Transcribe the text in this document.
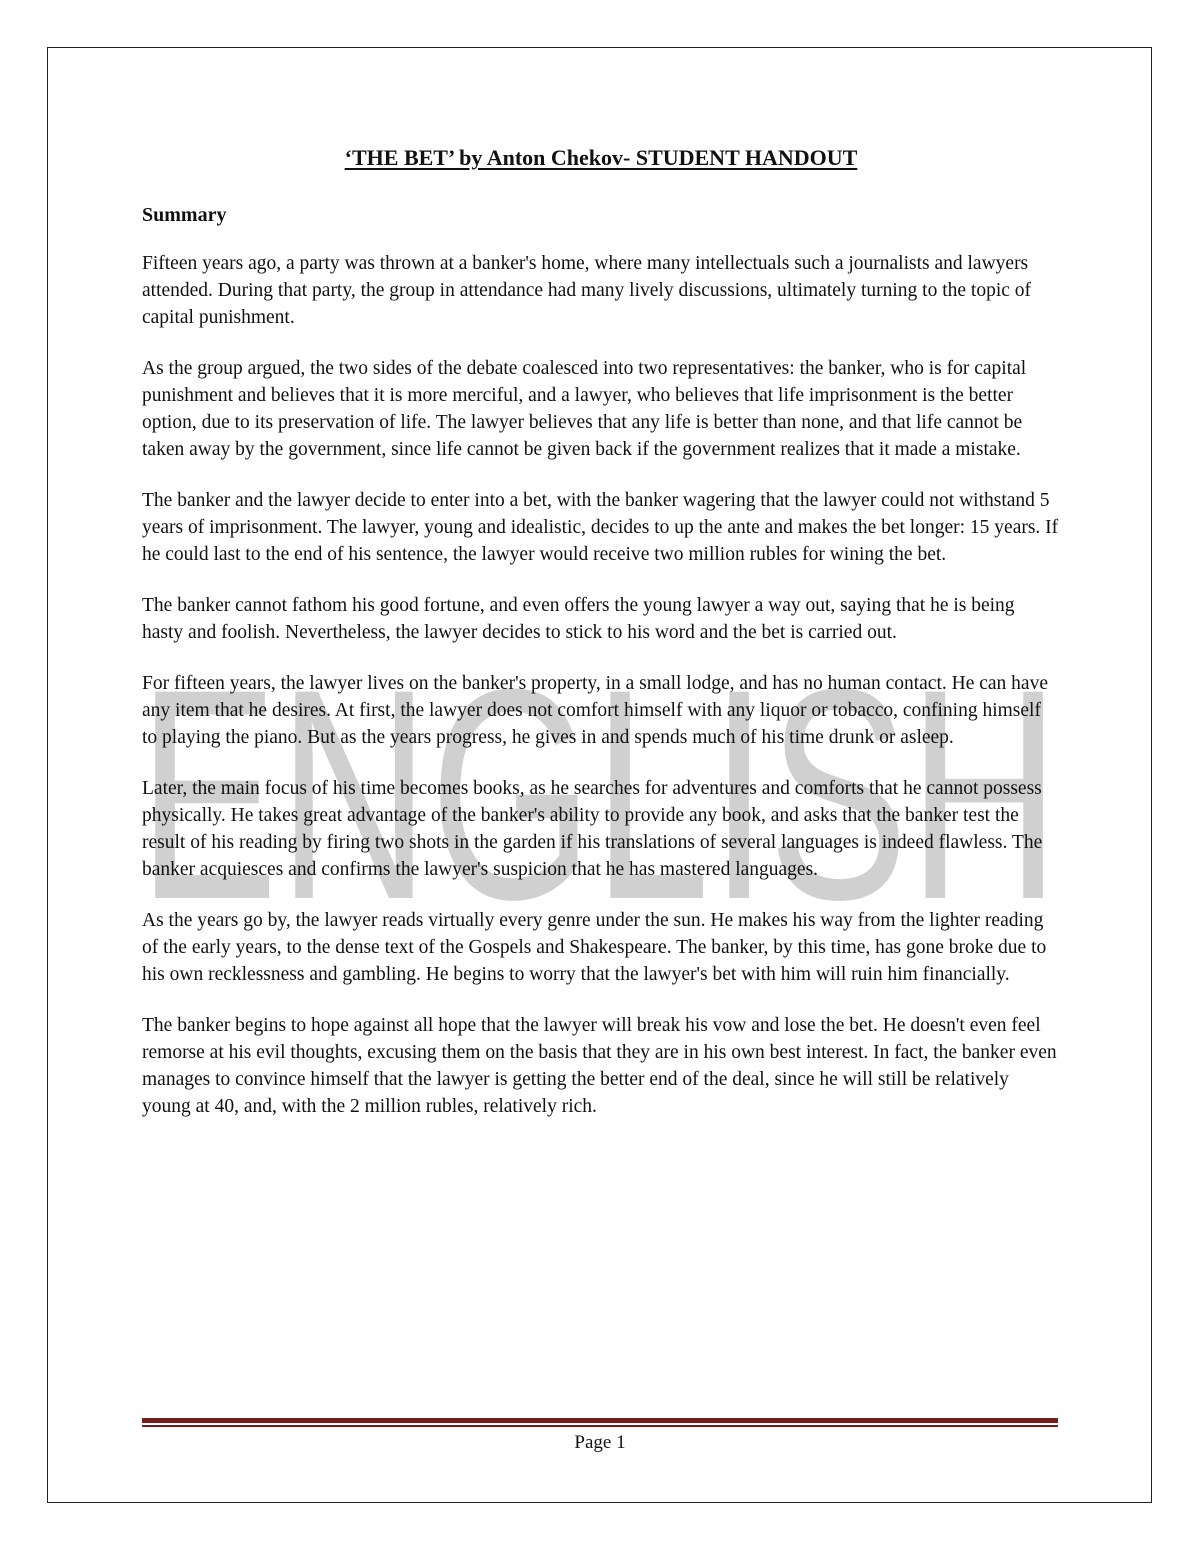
ENGLISH
‘THE BET’ by Anton Chekov- STUDENT HANDOUT
Summary

Fifteen years ago, a party was thrown at a banker's home, where many intellectuals such a journalists and lawyers attended. During that party, the group in attendance had many lively discussions, ultimately turning to the topic of capital punishment.

As the group argued, the two sides of the debate coalesced into two representatives: the banker, who is for capital punishment and believes that it is more merciful, and a lawyer, who believes that life imprisonment is the better option, due to its preservation of life. The lawyer believes that any life is better than none, and that life cannot be taken away by the government, since life cannot be given back if the government realizes that it made a mistake.

The banker and the lawyer decide to enter into a bet, with the banker wagering that the lawyer could not withstand 5 years of imprisonment. The lawyer, young and idealistic, decides to up the ante and makes the bet longer: 15 years. If he could last to the end of his sentence, the lawyer would receive two million rubles for wining the bet.

The banker cannot fathom his good fortune, and even offers the young lawyer a way out, saying that he is being hasty and foolish. Nevertheless, the lawyer decides to stick to his word and the bet is carried out.

For fifteen years, the lawyer lives on the banker's property, in a small lodge, and has no human contact. He can have any item that he desires. At first, the lawyer does not comfort himself with any liquor or tobacco, confining himself to playing the piano. But as the years progress, he gives in and spends much of his time drunk or asleep.

Later, the main focus of his time becomes books, as he searches for adventures and comforts that he cannot possess physically. He takes great advantage of the banker's ability to provide any book, and asks that the banker test the result of his reading by firing two shots in the garden if his translations of several languages is indeed flawless. The banker acquiesces and confirms the lawyer's suspicion that he has mastered languages.

As the years go by, the lawyer reads virtually every genre under the sun. He makes his way from the lighter reading of the early years, to the dense text of the Gospels and Shakespeare. The banker, by this time, has gone broke due to his own recklessness and gambling. He begins to worry that the lawyer's bet with him will ruin him financially.

The banker begins to hope against all hope that the lawyer will break his vow and lose the bet. He doesn't even feel remorse at his evil thoughts, excusing them on the basis that they are in his own best interest. In fact, the banker even manages to convince himself that the lawyer is getting the better end of the deal, since he will still be relatively young at 40, and, with the 2 million rubles, relatively rich.

Page 1
